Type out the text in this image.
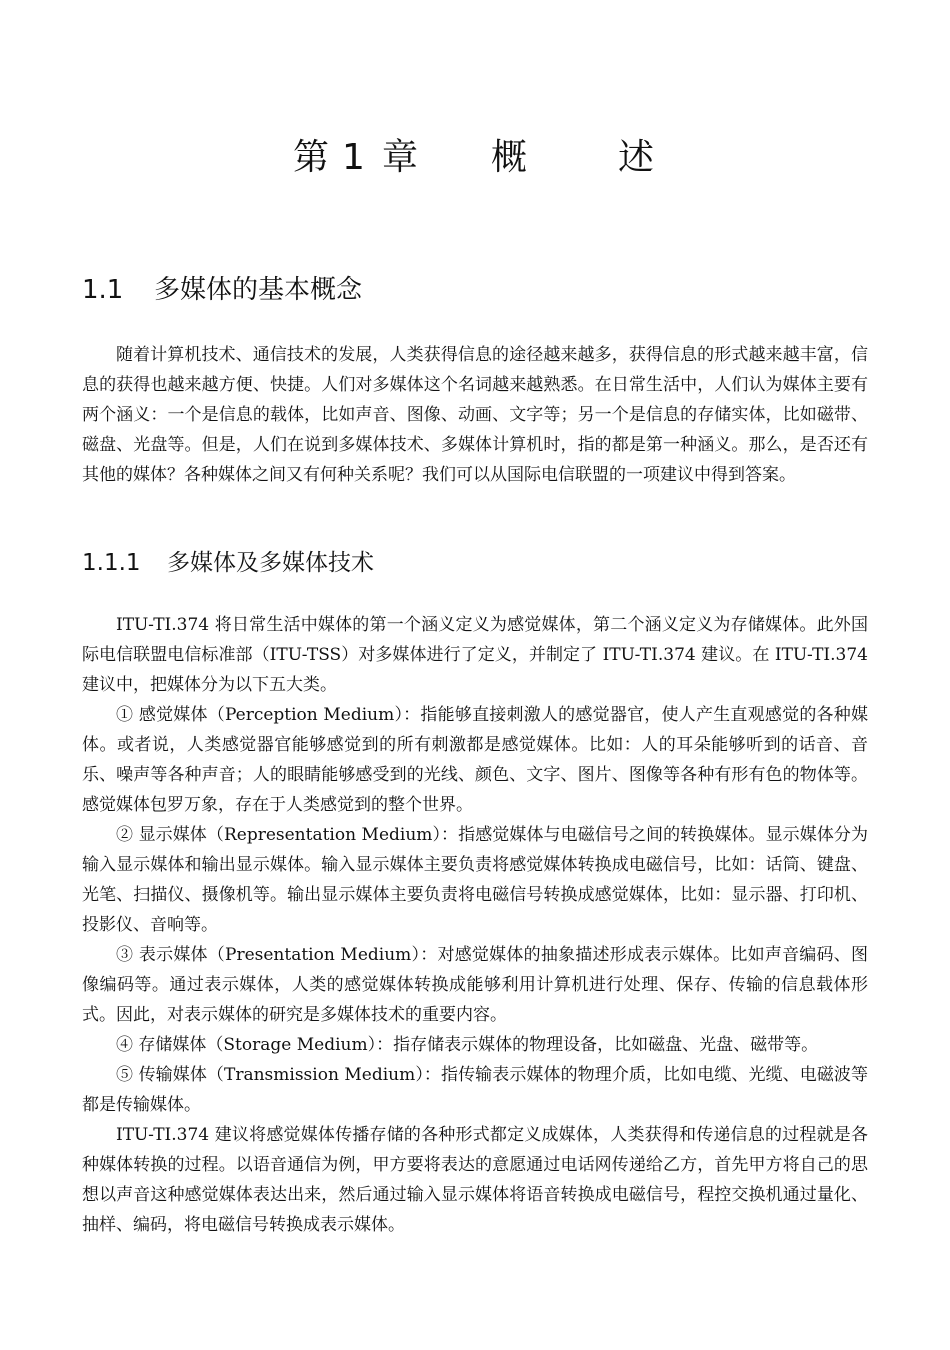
第 1 章 概 述
1.1 多媒体的基本概念

随着计算机技术、通信技术的发展，人类获得信息的途径越来越多，获得信息的形式越来越丰富，信息的获得也越来越方便、快捷。人们对多媒体这个名词越来越熟悉。在日常生活中，人们认为媒体主要有两个涵义：一个是信息的载体，比如声音、图像、动画、文字等；另一个是信息的存储实体，比如磁带、磁盘、光盘等。但是，人们在说到多媒体技术、多媒体计算机时，指的都是第一种涵义。那么，是否还有其他的媒体？各种媒体之间又有何种关系呢？我们可以从国际电信联盟的一项建议中得到答案。

1.1.1 多媒体及多媒体技术

ITU-TI.374 将日常生活中媒体的第一个涵义定义为感觉媒体，第二个涵义定义为存储媒体。此外国际电信联盟电信标准部（ITU-TSS）对多媒体进行了定义，并制定了 ITU-TI.374 建议。在 ITU-TI.374 建议中，把媒体分为以下五大类。

① 感觉媒体（Perception Medium）：指能够直接刺激人的感觉器官，使人产生直观感觉的各种媒体。或者说，人类感觉器官能够感觉到的所有刺激都是感觉媒体。比如：人的耳朵能够听到的话音、音乐、噪声等各种声音；人的眼睛能够感受到的光线、颜色、文字、图片、图像等各种有形有色的物体等。感觉媒体包罗万象，存在于人类感觉到的整个世界。

② 显示媒体（Representation Medium）：指感觉媒体与电磁信号之间的转换媒体。显示媒体分为输入显示媒体和输出显示媒体。输入显示媒体主要负责将感觉媒体转换成电磁信号，比如：话筒、键盘、光笔、扫描仪、摄像机等。输出显示媒体主要负责将电磁信号转换成感觉媒体，比如：显示器、打印机、投影仪、音响等。

③ 表示媒体（Presentation Medium）：对感觉媒体的抽象描述形成表示媒体。比如声音编码、图像编码等。通过表示媒体，人类的感觉媒体转换成能够利用计算机进行处理、保存、传输的信息载体形式。因此，对表示媒体的研究是多媒体技术的重要内容。

④ 存储媒体（Storage Medium）：指存储表示媒体的物理设备，比如磁盘、光盘、磁带等。

⑤ 传输媒体（Transmission Medium）：指传输表示媒体的物理介质，比如电缆、光缆、电磁波等都是传输媒体。

ITU-TI.374 建议将感觉媒体传播存储的各种形式都定义成媒体，人类获得和传递信息的过程就是各种媒体转换的过程。以语音通信为例，甲方要将表达的意愿通过电话网传递给乙方，首先甲方将自己的思想以声音这种感觉媒体表达出来，然后通过输入显示媒体将语音转换成电磁信号，程控交换机通过量化、抽样、编码，将电磁信号转换成表示媒体。
